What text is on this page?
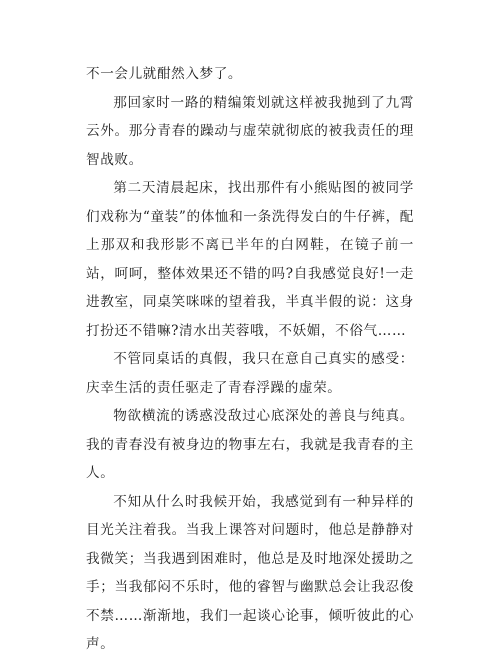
不一会儿就酣然入梦了。

那回家时一路的精编策划就这样被我抛到了九霄云外。那分青春的躁动与虚荣就彻底的被我责任的理智战败。

第二天清晨起床，找出那件有小熊贴图的被同学们戏称为“童装”的体恤和一条洗得发白的牛仔裤，配上那双和我形影不离已半年的白网鞋，在镜子前一站，呵呵，整体效果还不错的吗?自我感觉良好!一走进教室，同桌笑咪咪的望着我，半真半假的说：这身打扮还不错嘛?清水出芙蓉哦，不妖媚，不俗气……

不管同桌话的真假，我只在意自己真实的感受：庆幸生活的责任驱走了青春浮躁的虚荣。

物欲横流的诱惑没敌过心底深处的善良与纯真。我的青春没有被身边的物事左右，我就是我青春的主人。

不知从什么时我候开始，我感觉到有一种异样的目光关注着我。当我上课答对问题时，他总是静静对我微笑；当我遇到困难时，他总是及时地深处援助之手；当我郁闷不乐时，他的睿智与幽默总会让我忍俊不禁……渐渐地，我们一起谈心论事，倾听彼此的心声。
